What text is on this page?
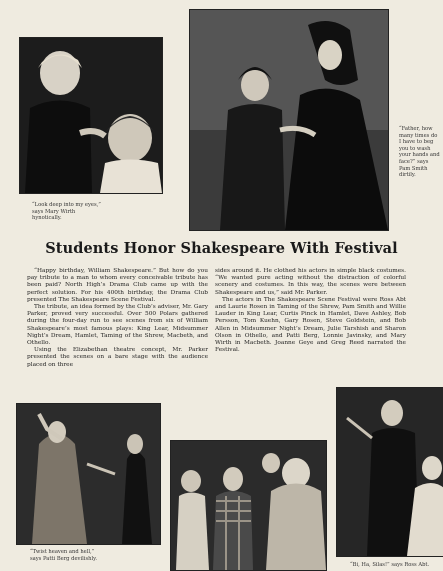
“Look deep into my eyes,” says Mary Wirth hynotically.
“Father, how many times do I have to beg you to wash your hands and face?” says Pam Smith dirtily.
Students Honor Shakespeare With Festival

“Happy birthday, William Shakespeare.” But how do you pay tribute to a man to whom every conceivable tribute has been paid? North High’s Drama Club came up with the perfect solution. For his 400th birthday, the Drama Club presented The Shakespeare Scene Festival.

The tribute, an idea formed by the Club’s adviser, Mr. Gary Parker, proved very successful. Over 500 Polars gathered during the four-day run to see scenes from six of William Shakespeare’s most famous plays: King Lear, Midsummer Night’s Dream, Hamlet, Taming of the Shrew, Macbeth, and Othello.

Using the Elizabethan theatre concept, Mr. Parker presented the scenes on a bare stage with the audience placed on three

sides around it. He clothed his actors in simple black costumes. “We wanted pure acting without the distraction of colorful scenery and costumes. In this way, the scenes were between Shakespeare and us,” said Mr. Parker.

The actors in The Shakespeare Scene Festival were Ross Abt and Laurie Rosen in Taming of the Shrew, Pam Smith and Willie Lauder in King Lear, Curtis Pinck in Hamlet, Dave Ashley, Bob Persson, Tom Kuehn, Gary Rosen, Steve Goldstein, and Bob Allen in Midsummer Night’s Dream, Julie Tarshish and Sharon Olson in Othello, and Patti Berg, Lonnie Javinsky, and Mary Wirth in Macbeth. Joanne Geye and Greg Reed narrated the Festival.

“Twist heaven and hell,” says Patti Berg devilishly.
“Bi, Ha, Silas!” says Ross Abt.
